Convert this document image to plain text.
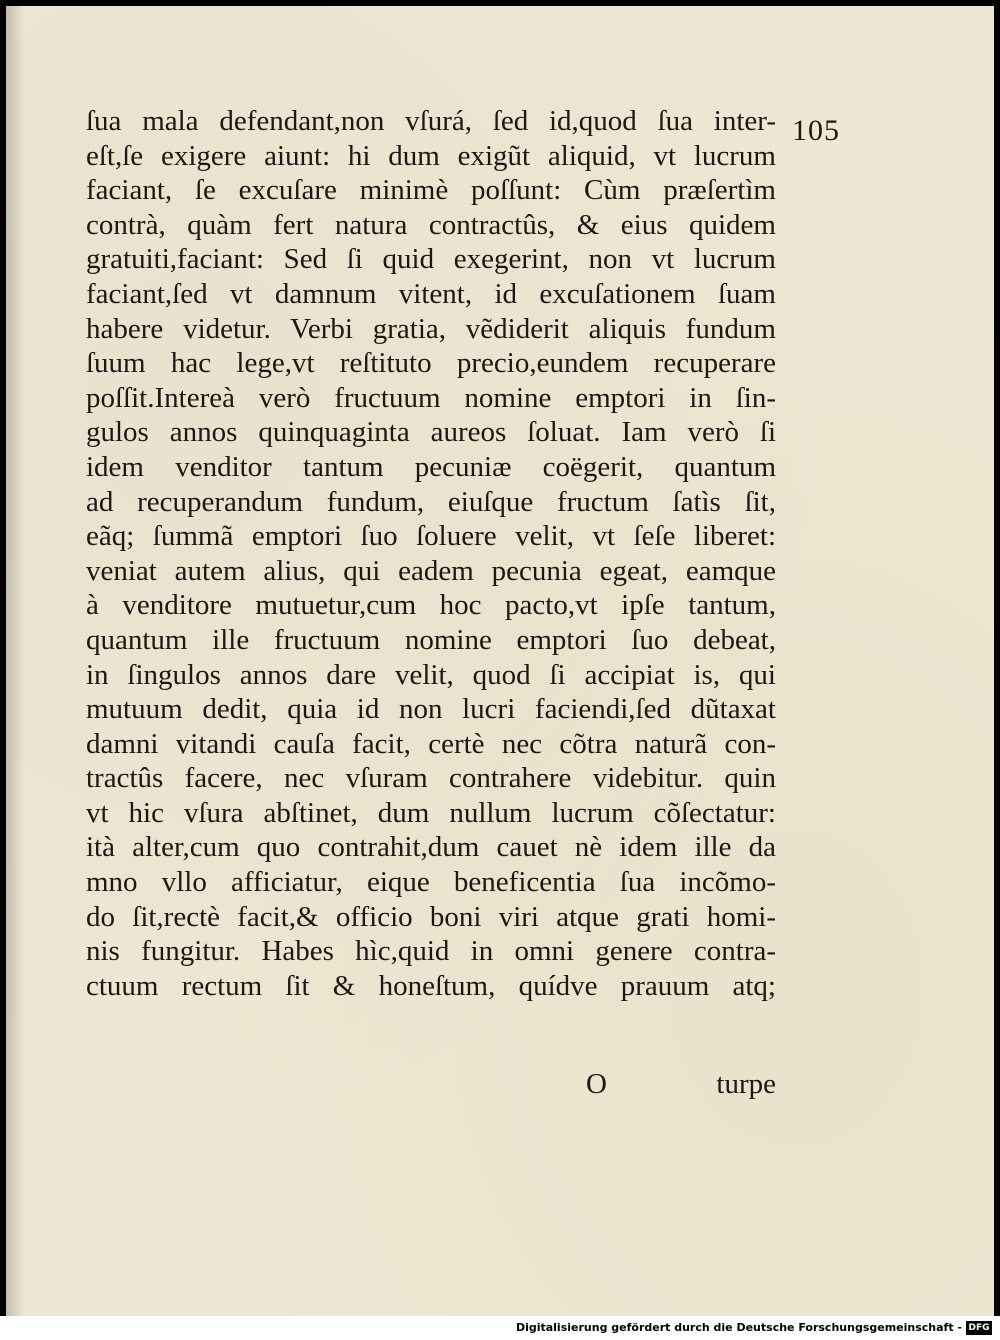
105
ſua mala defendant,non vſurá, ſed id,quod ſua inter-
eſt,ſe exigere aiunt: hi dum exigũt aliquid, vt lucrum
faciant, ſe excuſare minimè poſſunt: Cùm præſertìm
contrà, quàm fert natura contractûs, & eius quidem
gratuiti,faciant: Sed ſi quid exegerint, non vt lucrum
faciant,ſed vt damnum vitent, id excuſationem ſuam
habere videtur. Verbi gratia, vẽdiderit aliquis fundum
ſuum hac lege,vt reſtituto precio,eundem recuperare
poſſit.Intereà verò fructuum nomine emptori in ſin-
gulos annos quinquaginta aureos ſoluat. Iam verò ſi
idem venditor tantum pecuniæ coëgerit, quantum
ad recuperandum fundum, eiuſque fructum ſatìs ſit,
eãq; ſummã emptori ſuo ſoluere velit, vt ſeſe liberet:
veniat autem alius, qui eadem pecunia egeat, eamque
à venditore mutuetur,cum hoc pacto,vt ipſe tantum,
quantum ille fructuum nomine emptori ſuo debeat,
in ſingulos annos dare velit, quod ſi accipiat is, qui
mutuum dedit, quia id non lucri faciendi,ſed dũtaxat
damni vitandi cauſa facit, certè nec cõtra naturã con-
tractûs facere, nec vſuram contrahere videbitur. quin
vt hic vſura abſtinet, dum nullum lucrum cõſectatur:
ità alter,cum quo contrahit,dum cauet nè idem ille da
mno vllo afficiatur, eique beneficentia ſua incõmo-
do ſit,rectè facit,& officio boni viri atque grati homi-
nis fungitur. Habes hìc,quid in omni genere contra-
ctuum rectum ſit & honeſtum, quídve prauum atq;
O	turpe
Digitalisierung gefördert durch die Deutsche Forschungsgemeinschaft - DFG
